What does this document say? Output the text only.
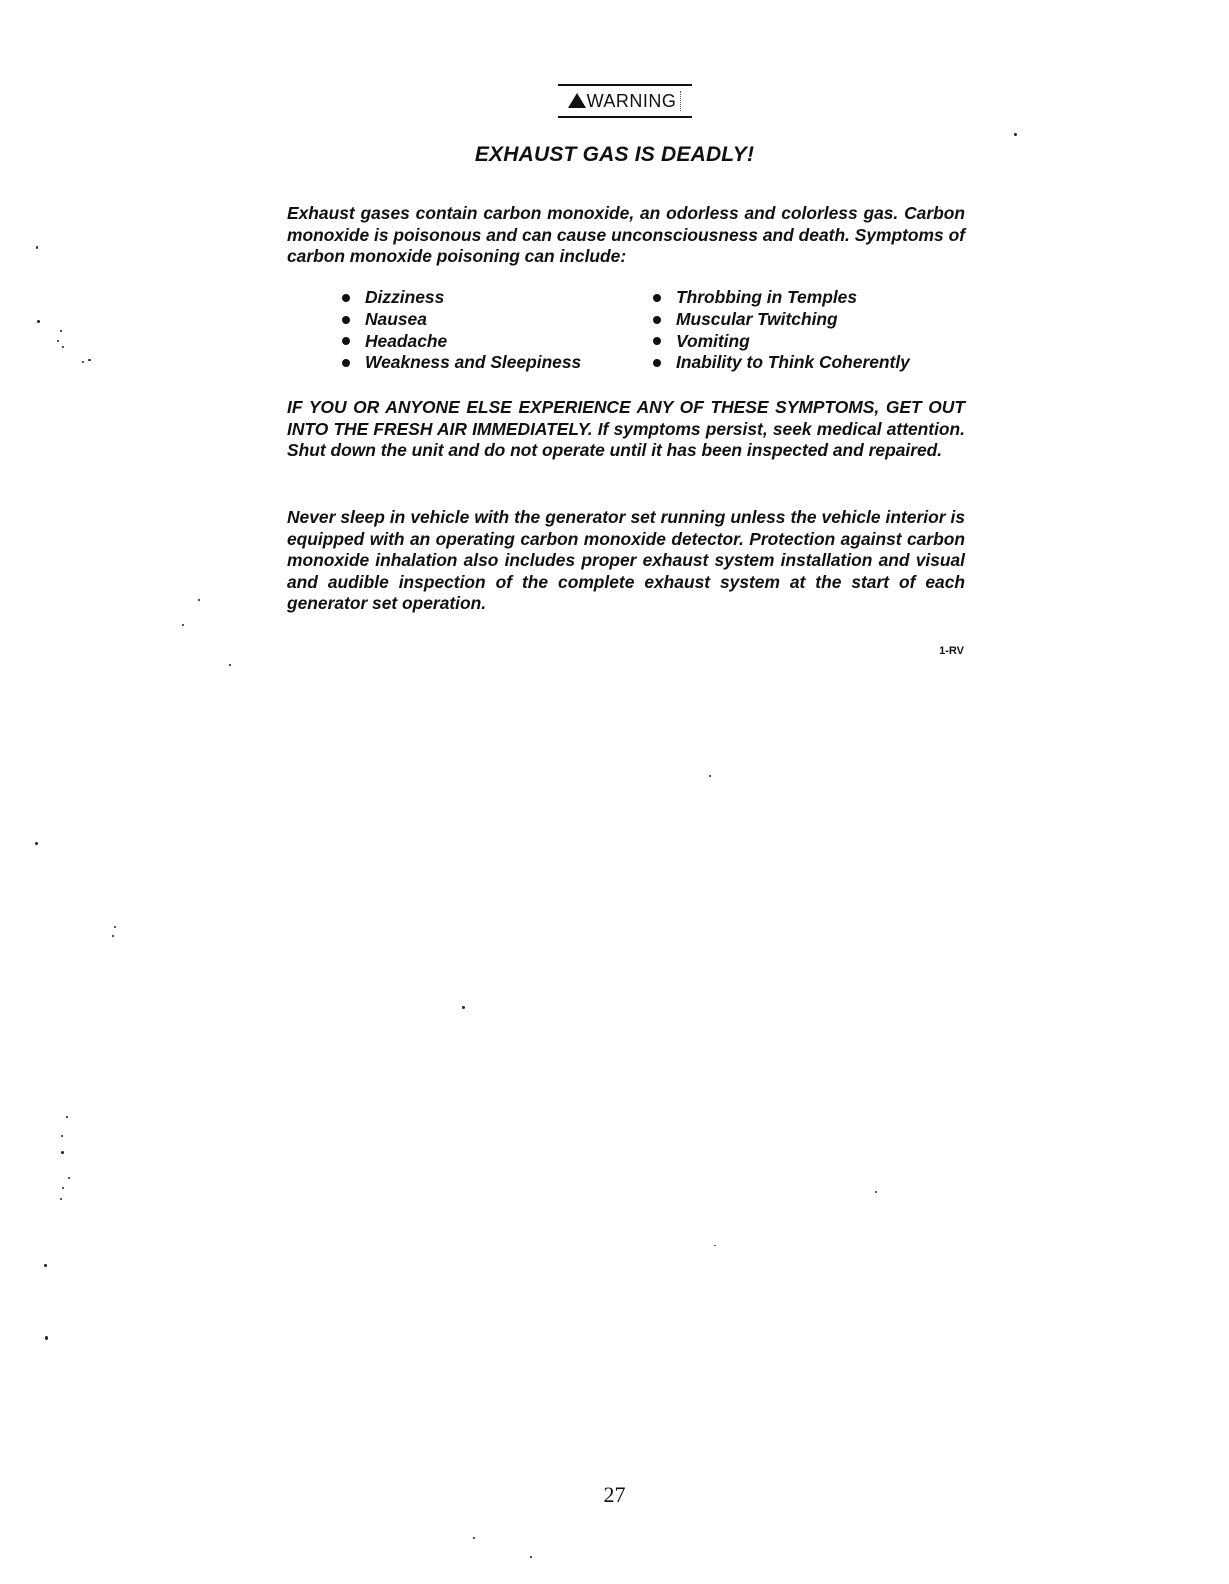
WARNING
EXHAUST GAS IS DEADLY!

Exhaust gases contain carbon monoxide, an odorless and colorless gas. Carbon monoxide is poisonous and can cause unconsciousness and death. Symptoms of carbon monoxide poisoning can include:

Dizziness
Nausea
Headache
Weakness and Sleepiness
Throbbing in Temples
Muscular Twitching
Vomiting
Inability to Think Coherently

IF YOU OR ANYONE ELSE EXPERIENCE ANY OF THESE SYMPTOMS, GET OUT INTO THE FRESH AIR IMMEDIATELY. If symptoms persist, seek medical attention. Shut down the unit and do not operate until it has been inspected and repaired.

Never sleep in vehicle with the generator set running unless the vehicle interior is equipped with an operating carbon monoxide detector. Protection against carbon monoxide inhalation also includes proper exhaust system installation and visual and audible inspection of the complete exhaust system at the start of each generator set operation.

1-RV
27
